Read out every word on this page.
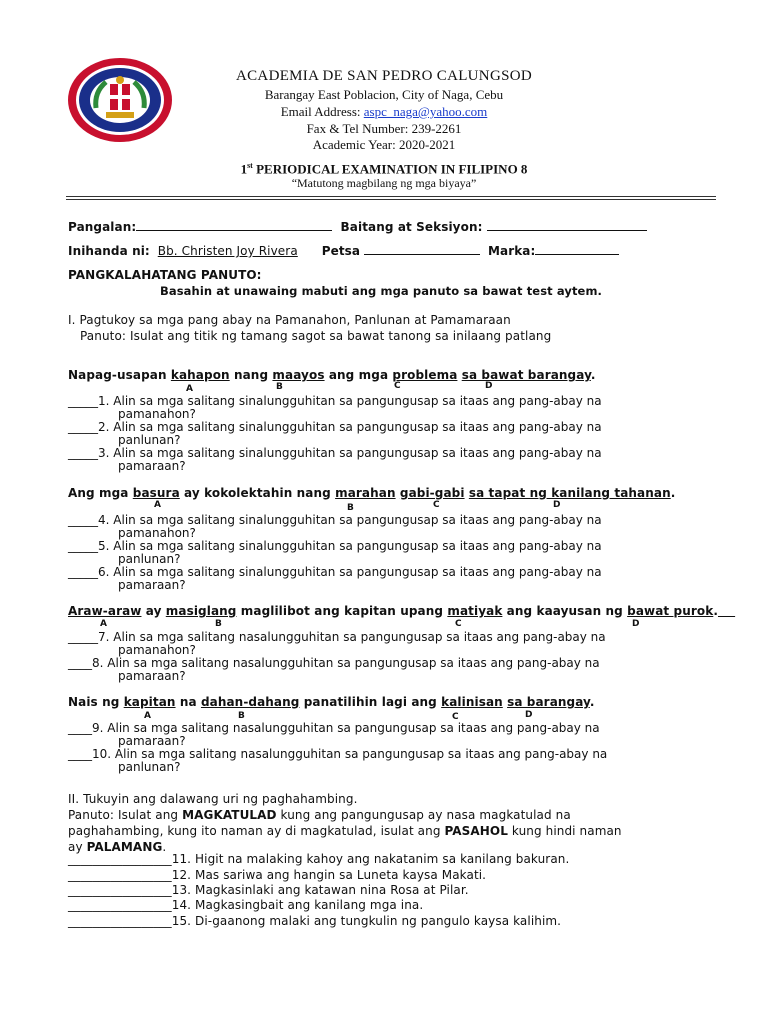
ACADEMIA DE SAN PEDRO CALUNGSOD
Barangay East Poblacion, City of Naga, Cebu
Email Address: aspc_naga@yahoo.com
Fax & Tel Number: 239-2261
Academic Year: 2020-2021
1st PERIODICAL EXAMINATION IN FILIPINO 8
“Matutong magbilang ng mga biyaya”
Pangalan:	Baitang at Seksiyon:
Inihanda ni: Bb. Christen Joy Rivera Petsa	Marka:
PANGKALAHATANG PANUTO:
Basahin at unawaing mabuti ang mga panuto sa bawat test aytem.
I. Pagtukoy sa mga pang abay na Pamanahon, Panlunan at Pamamaraan
Panuto: Isulat ang titik ng tamang sagot sa bawat tanong sa inilaang patlang
Napag-usapan kahapon nang maayos ang mga problema sa bawat barangay.
A	B	C	D
_____1. Alin sa mga salitang sinalungguhitan sa pangungusap sa itaas ang pang-abay na
pamanahon?
_____2. Alin sa mga salitang sinalungguhitan sa pangungusap sa itaas ang pang-abay na
panlunan?
_____3. Alin sa mga salitang sinalungguhitan sa pangungusap sa itaas ang pang-abay na
pamaraan?
Ang mga basura ay kokolektahin nang marahan gabi-gabi sa tapat ng kanilang tahanan.
A	B	C	D
_____4. Alin sa mga salitang sinalungguhitan sa pangungusap sa itaas ang pang-abay na
pamanahon?
_____5. Alin sa mga salitang sinalungguhitan sa pangungusap sa itaas ang pang-abay na
panlunan?
_____6. Alin sa mga salitang sinalungguhitan sa pangungusap sa itaas ang pang-abay na
pamaraan?
Araw-araw ay masiglang maglilibot ang kapitan upang matiyak ang kaayusan ng bawat purok.
A	B	C	D
_____7. Alin sa mga salitang nasalungguhitan sa pangungusap sa itaas ang pang-abay na
pamanahon?
____8. Alin sa mga salitang nasalungguhitan sa pangungusap sa itaas ang pang-abay na
pamaraan?
Nais ng kapitan na dahan-dahang panatilihin lagi ang kalinisan sa barangay.
A	B	C	D
____9. Alin sa mga salitang nasalungguhitan sa pangungusap sa itaas ang pang-abay na
pamaraan?
____10. Alin sa mga salitang nasalungguhitan sa pangungusap sa itaas ang pang-abay na
panlunan?
II. Tukuyin ang dalawang uri ng paghahambing.
Panuto: Isulat ang MAGKATULAD kung ang pangungusap ay nasa magkatulad na
paghahambing, kung ito naman ay di magkatulad, isulat ang PASAHOL kung hindi naman
ay PALAMANG.
_________________11. Higit na malaking kahoy ang nakatanim sa kanilang bakuran.
_________________12. Mas sariwa ang hangin sa Luneta kaysa Makati.
_________________13. Magkasinlaki ang katawan nina Rosa at Pilar.
_________________14. Magkasingbait ang kanilang mga ina.
_________________15. Di-gaanong malaki ang tungkulin ng pangulo kaysa kalihim.
